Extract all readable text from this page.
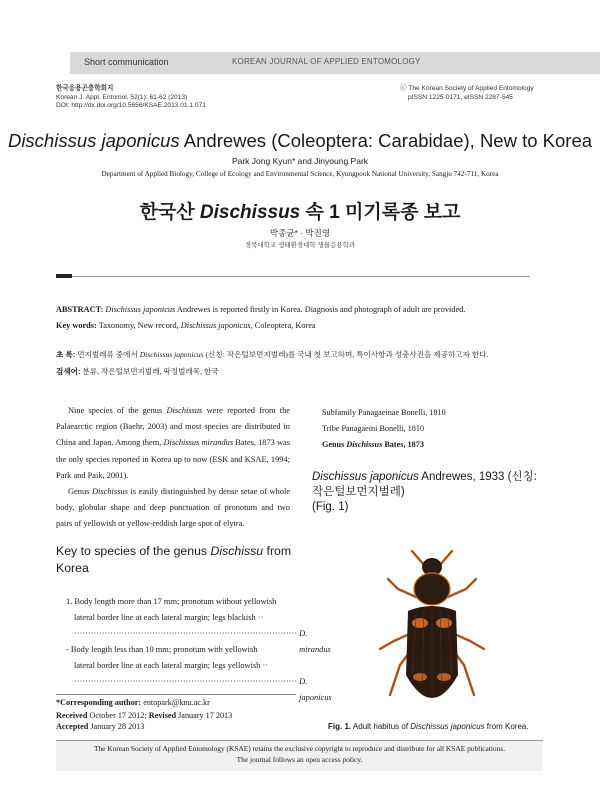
Short communication	KOREAN JOURNAL OF APPLIED ENTOMOLOGY
한국응용곤충학회지
Korean J. Appl. Entomol. 52(1): 61-62 (2013)
DOI: http://dx.doi.org/10.5656/KSAE.2013.01.1.071
ⓒ The Korean Society of Applied Entomology
pISSN 1225-0171, eISSN 2287-545
Dischissus japonicus Andrewes (Coleoptera: Carabidae), New to Korea
Park Jong Kyun* and Jinyoung Park
Department of Applied Biology, College of Ecology and Environmental Science, Kyungpook National University, Sangju 742-711, Korea
한국산 Dischissus 속 1 미기록종 보고
박종균* · 박진영
경북대학교 생태환경대학 생물응용학과
ABSTRACT: Dischissus japonicus Andrewes is reported firstly in Korea. Diagnosis and photograph of adult are provided.
Key words: Taxonomy, New record, Dischissus japonicus, Coleoptera, Korea
초 록: 먼지벌레류 중에서 Dischissus japonicus (신칭: 작은털보먼지벌레)를 국내 첫 보고하며, 특이사항과 성충사진을 제공하고자 한다.
검색어: 분류, 작은털보먼지벌레, 딱정벌레목, 한국
Nine species of the genus Dischissus were reported from the Palaearctic region (Baehr, 2003) and most species are distributed in China and Japan. Among them, Dischissus mirandus Bates, 1873 was the only species reported in Korea up to now (ESK and KSAE, 1994; Park and Paik, 2001).
Genus Dischissus is easily distinguished by dense setae of whole body, globular shape and deep punctuation of pronotum and two pairs of yellowish or yellow-reddish large spot of elytra.
Key to species of the genus Dischissu from Korea
1. Body length more than 17 mm; pronotum without yellowish
lateral border line at each lateral margin; legs blackish ··
················································································ D. mirandus
- Body length less than 10 mm; pronotum with yellowish
lateral border line at each lateral margin; legs yellowish ··
················································································ D. japonicus
*Corresponding author: entopark@knu.ac.kr
Received October 17 2012; Revised January 17 2013
Accepted January 28 2013
Subfamily Panagaeinae Bonelli, 1810
Tribe Panagaeini Bonelli, 1810
Genus Dischissus Bates, 1873
Dischissus japonicus Andrewes, 1933 (신칭:
작은털보먼지벌레)
(Fig. 1)
Fig. 1. Adult habitus of Dischissus japonicus from Korea.
The Korean Society of Applied Entomology (KSAE) retains the exclusive copyright to reproduce and distribute for all KSAE publications.
The journal follows an open access policy.
